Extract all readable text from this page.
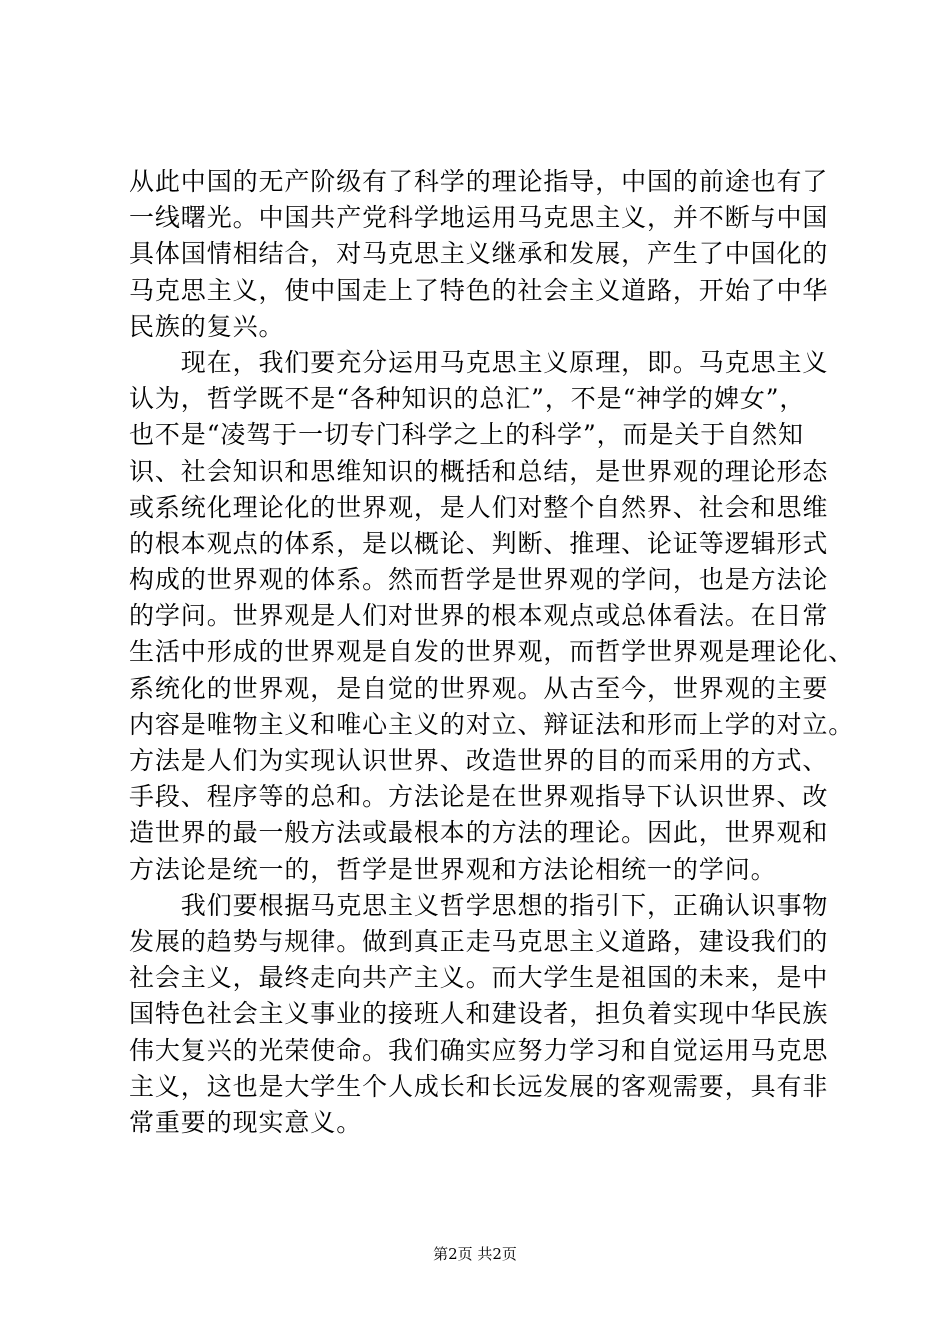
从此中国的无产阶级有了科学的理论指导，中国的前途也有了
一线曙光。中国共产党科学地运用马克思主义，并不断与中国
具体国情相结合，对马克思主义继承和发展，产生了中国化的
马克思主义，使中国走上了特色的社会主义道路，开始了中华
民族的复兴。
　　现在，我们要充分运用马克思主义原理，即。马克思主义
认为，哲学既不是“各种知识的总汇”，不是“神学的婢女”，
也不是“凌驾于一切专门科学之上的科学”，而是关于自然知
识、社会知识和思维知识的概括和总结，是世界观的理论形态
或系统化理论化的世界观，是人们对整个自然界、社会和思维
的根本观点的体系，是以概论、判断、推理、论证等逻辑形式
构成的世界观的体系。然而哲学是世界观的学问，也是方法论
的学问。世界观是人们对世界的根本观点或总体看法。在日常
生活中形成的世界观是自发的世界观，而哲学世界观是理论化、
系统化的世界观，是自觉的世界观。从古至今，世界观的主要
内容是唯物主义和唯心主义的对立、辩证法和形而上学的对立。
方法是人们为实现认识世界、改造世界的目的而采用的方式、
手段、程序等的总和。方法论是在世界观指导下认识世界、改
造世界的最一般方法或最根本的方法的理论。因此，世界观和
方法论是统一的，哲学是世界观和方法论相统一的学问。
　　我们要根据马克思主义哲学思想的指引下，正确认识事物
发展的趋势与规律。做到真正走马克思主义道路，建设我们的
社会主义，最终走向共产主义。而大学生是祖国的未来，是中
国特色社会主义事业的接班人和建设者，担负着实现中华民族
伟大复兴的光荣使命。我们确实应努力学习和自觉运用马克思
主义，这也是大学生个人成长和长远发展的客观需要，具有非
常重要的现实意义。
第2页 共2页
